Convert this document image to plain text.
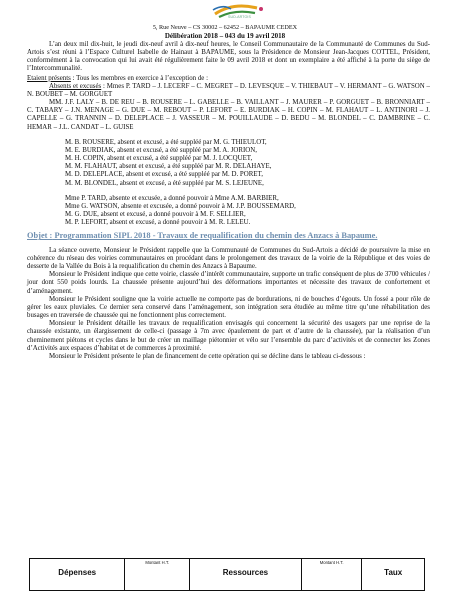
SUD-ARTOIS
5, Rue Neuve – CS 30002 – 62452 – BAPAUME CEDEX
Délibération 2018 – 043 du 19 avril 2018

L’an deux mil dix-huit, le jeudi dix-neuf avril à dix-neuf heures, le Conseil Communautaire de la Communauté de Communes du Sud-Artois s’est réuni à l’Espace Culturel Isabelle de Hainaut à BAPAUME, sous la Présidence de Monsieur Jean-Jacques COTTEL, Président, conformément à la convocation qui lui avait été régulièrement faite le 09 avril 2018 et dont un exemplaire a été affiché à la porte du siège de l’Intercommunalité.

Etaient présents : Tous les membres en exercice à l’exception de :

Absents et excusés : Mmes P. TARD – J. LECERF – C. MEGRET – D. LEVESQUE – V. THIEBAUT – V. HERMANT – G. WATSON – N. BOUBET – M. GORGUET

MM. J.F. LALY – B. DE REU – B. ROUSERE – L. GABELLE – B. VAILLANT – J. MAURER – P. GORGUET – B. BRONNIART – C. TABARY – J.N. MENAGE – G. DUE – M. REBOUT – P. LEFORT – E. BURDIAK – H. COPIN – M. FLAHAUT – L. ANTINORI – J. CAPELLE – G. TRANNIN – D. DELEPLACE – J. VASSEUR – M. POUILLAUDE – D. BEDU – M. BLONDEL – C. DAMBRINE – C. HEMAR – J.L. CANDAT – L. GUISE

M. B. ROUSERE, absent et excusé, a été suppléé par M. G. THIEULOT,

M. E. BURDIAK, absent et excusé, a été suppléé par M. A. JORION,

M. H. COPIN, absent et excusé, a été suppléé par M. J. LOCQUET,

M. M. FLAHAUT, absent et excusé, a été suppléé par M. R. DELAHAYE,

M. D. DELEPLACE, absent et excusé, a été suppléé par M. D. PORET,

M. M. BLONDEL, absent et excusé, a été suppléé par M. S. LEJEUNE,

Mme P. TARD, absente et excusée, a donné pouvoir à Mme A.M. BARBIER,

Mme G. WATSON, absente et excusée, a donné pouvoir à M. J.P. BOUSSEMARD,

M. G. DUE, absent et excusé, a donné pouvoir à M. F. SELLIER,

M. P. LEFORT, absent et excusé, a donné pouvoir à M. R. LELEU.

Objet : Programmation SIPL 2018 - Travaux de requalification du chemin des Anzacs à Bapaume.

La séance ouverte, Monsieur le Président rappelle que la Communauté de Communes du Sud-Artois a décidé de poursuivre la mise en cohérence du réseau des voiries communautaires en procédant dans le prolongement des travaux de la voirie de la République et des voies de desserte de la Vallée du Bois à la requalification du chemin des Anzacs à Bapaume.

Monsieur le Président indique que cette voirie, classée d’intérêt communautaire, supporte un trafic conséquent de plus de 3700 véhicules / jour dont 550 poids lourds. La chaussée présente aujourd’hui des déformations importantes et nécessite des travaux de confortement et d’aménagement.

Monsieur le Président souligne que la voirie actuelle ne comporte pas de bordurations, ni de bouches d’égouts. Un fossé a pour rôle de gérer les eaux pluviales. Ce dernier sera conservé dans l’aménagement, son intégration sera étudiée au même titre qu’une réhabilitation des busages en traversée de chaussée qui ne fonctionnent plus correctement.

Monsieur le Président détaille les travaux de requalification envisagés qui concernent la sécurité des usagers par une reprise de la chaussée existante, un élargissement de celle-ci (passage à 7m avec épaulement de part et d’autre de la chaussée), par la réalisation d’un cheminement piétons et cycles dans le but de créer un maillage piétonnier et vélo sur l’ensemble du parc d’activités et de connecter les Zones d’Activités aux espaces d’habitat et de commerces à proximité.

Monsieur le Président présente le plan de financement de cette opération qui se décline dans le tableau ci-dessous :

Dépenses	Montant H.T.	Ressources	Montant H.T.	Taux
